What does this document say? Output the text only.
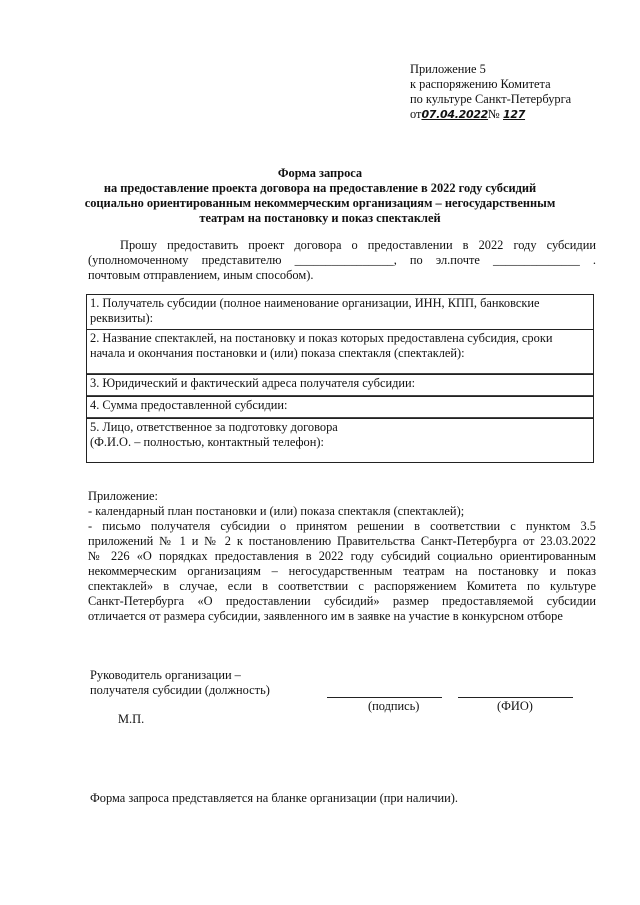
Приложение 5
к распоряжению Комитета
по культуре Санкт-Петербурга
от07.04.2022№ 127
Форма запроса
на предоставление проекта договора на предоставление в 2022 году субсидий
социально ориентированным некоммерческим организациям – негосударственным
театрам на постановку и показ спектаклей
Прошу предоставить проект договора о предоставлении в 2022 году субсидии
(уполномоченному представителю ________________, по эл.почте ______________ .
почтовым отправлением, иным способом).
1. Получатель субсидии (полное наименование организации, ИНН, КПП, банковские
реквизиты):
2. Название спектаклей, на постановку и показ которых предоставлена субсидия, сроки
начала и окончания постановки и (или) показа спектакля (спектаклей):
3. Юридический и фактический адреса получателя субсидии:
4. Сумма предоставленной субсидии:
5. Лицо, ответственное за подготовку договора
(Ф.И.О. – полностью, контактный телефон):
Приложение:
- календарный план постановки и (или) показа спектакля (спектаклей);
- письмо получателя субсидии о принятом решении в соответствии с пунктом 3.5
приложений № 1 и № 2 к постановлению Правительства Санкт-Петербурга от 23.03.2022
№ 226 «О порядках предоставления в 2022 году субсидий социально ориентированным
некоммерческим организациям – негосударственным театрам на постановку и показ
спектаклей» в случае, если в соответствии с распоряжением Комитета по культуре
Санкт-Петербурга «О предоставлении субсидий» размер предоставляемой субсидии
отличается от размера субсидии, заявленного им в заявке на участие в конкурсном отборе
Руководитель организации –
получателя субсидии (должность)
(подпись)	(ФИО)
М.П.
Форма запроса представляется на бланке организации (при наличии).
